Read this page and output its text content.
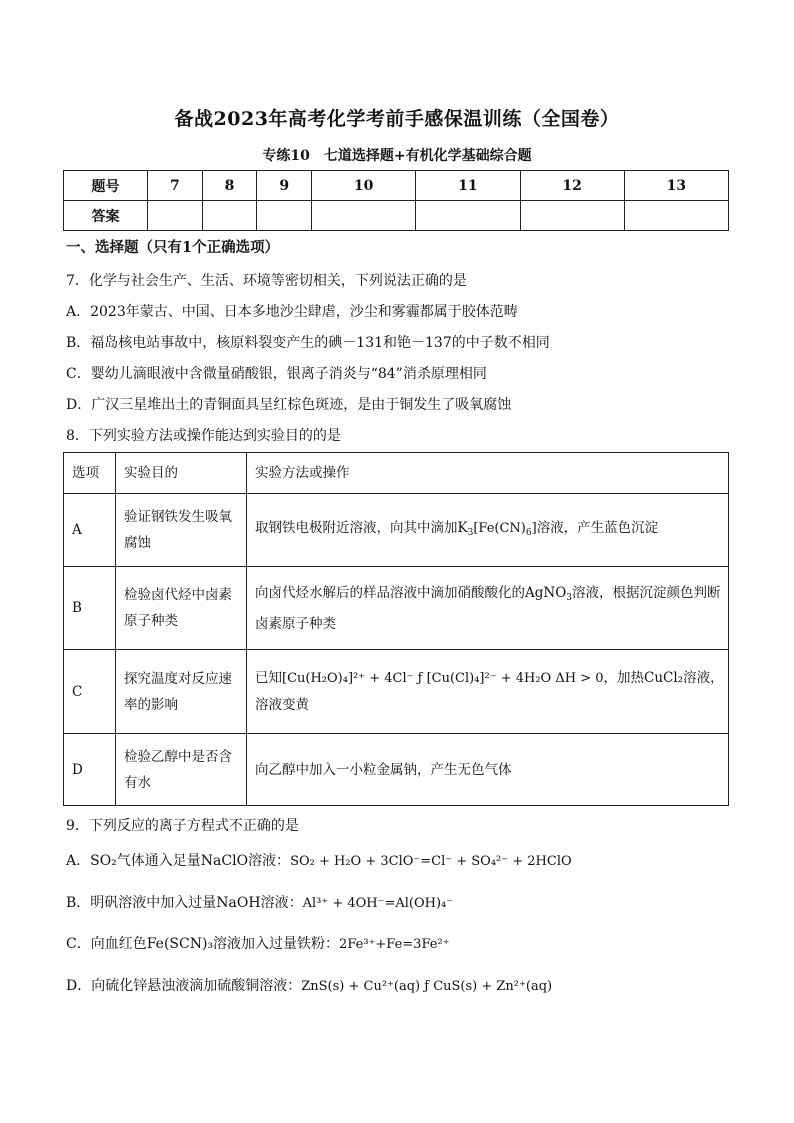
备战2023年高考化学考前手感保温训练（全国卷）
专练10　七道选择题+有机化学基础综合题
题号	7	8	9	10	11	12	13
答案							
一、选择题（只有1个正确选项）
7．化学与社会生产、生活、环境等密切相关，下列说法正确的是
A．2023年蒙古、中国、日本多地沙尘肆虐，沙尘和雾霾都属于胶体范畴
B．福岛核电站事故中，核原料裂变产生的碘－131和铯－137的中子数不相同
C．婴幼儿滴眼液中含微量硝酸银，银离子消炎与“84”消杀原理相同
D．广汉三星堆出土的青铜面具呈红棕色斑迹，是由于铜发生了吸氧腐蚀
8．下列实验方法或操作能达到实验目的的是
选项	实验目的	实验方法或操作
A	验证钢铁发生吸氧腐蚀	取钢铁电极附近溶液，向其中滴加$K_3[Fe(CN)_6]$溶液，产生蓝色沉淀
B	检验卤代烃中卤素原子种类	向卤代烃水解后的样品溶液中滴加硝酸酸化的AgNO$_3$溶液，根据沉淀颜色判断
卤素原子种类

C	探究温度对反应速率的影响	已知[Cu(H₂O)₄]²⁺ + 4Cl⁻ ƒ [Cu(Cl)₄]²⁻ + 4H₂O ΔH > 0，加热CuCl₂溶液，
溶液变黄

D	检验乙醇中是否含有水	向乙醇中加入一小粒金属钠，产生无色气体
9．下列反应的离子方程式不正确的是
A．SO₂气体通入足量NaClO溶液：SO₂ + H₂O + 3ClO⁻=Cl⁻ + SO₄²⁻ + 2HClO
B．明矾溶液中加入过量NaOH溶液：Al³⁺ + 4OH⁻=Al(OH)₄⁻
C．向血红色Fe(SCN)₃溶液加入过量铁粉：2Fe³⁺+Fe=3Fe²⁺
D．向硫化锌悬浊液滴加硫酸铜溶液：ZnS(s) + Cu²⁺(aq) ƒ CuS(s) + Zn²⁺(aq)
